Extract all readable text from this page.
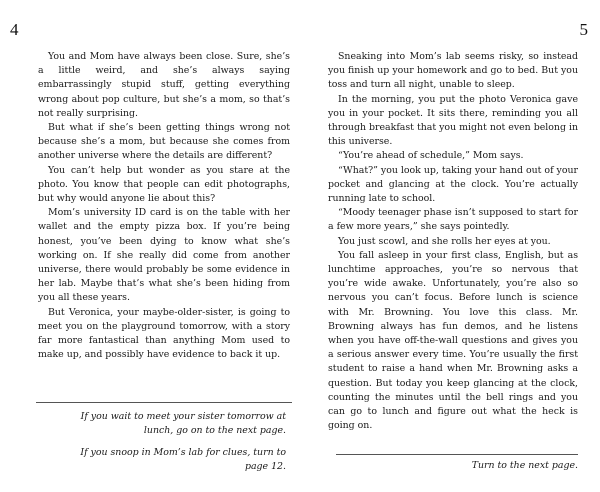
4

You and Mom have always been close. Sure, she’s a little weird, and she’s always saying embarrassingly stupid stuff, getting everything wrong about pop culture, but she’s a mom, so that’s not really surprising.

But what if she’s been getting things wrong not because she’s a mom, but because she comes from another universe where the details are different?

You can’t help but wonder as you stare at the photo. You know that people can edit photographs, but why would anyone lie about this?

Mom’s university ID card is on the table with her wallet and the empty pizza box. If you’re being honest, you’ve been dying to know what she’s working on. If she really did come from another universe, there would probably be some evidence in her lab. Maybe that’s what she’s been hiding from you all these years.

But Veronica, your maybe-older-sister, is going to meet you on the playground tomorrow, with a story far more fantastical than anything Mom used to make up, and possibly have evidence to back it up.

If you wait to meet your sister tomorrow at lunch, go on to the next page.
If you snoop in Mom’s lab for clues, turn to page 12.
5

Sneaking into Mom’s lab seems risky, so instead you finish up your homework and go to bed. But you toss and turn all night, unable to sleep.

In the morning, you put the photo Veronica gave you in your pocket. It sits there, reminding you all through breakfast that you might not even belong in this universe.

“You’re ahead of schedule,” Mom says.

“What?” you look up, taking your hand out of your pocket and glancing at the clock. You’re actually running late to school.

“Moody teenager phase isn’t supposed to start for a few more years,” she says pointedly.

You just scowl, and she rolls her eyes at you.

You fall asleep in your first class, English, but as lunchtime approaches, you’re so nervous that you’re wide awake. Unfortunately, you’re also so nervous you can’t focus. Before lunch is science with Mr. Browning. You love this class. Mr. Browning always has fun demos, and he listens when you have off-the-wall questions and gives you a serious answer every time. You’re usually the first student to raise a hand when Mr. Browning asks a question. But today you keep glancing at the clock, counting the minutes until the bell rings and you can go to lunch and figure out what the heck is going on.

Turn to the next page.
